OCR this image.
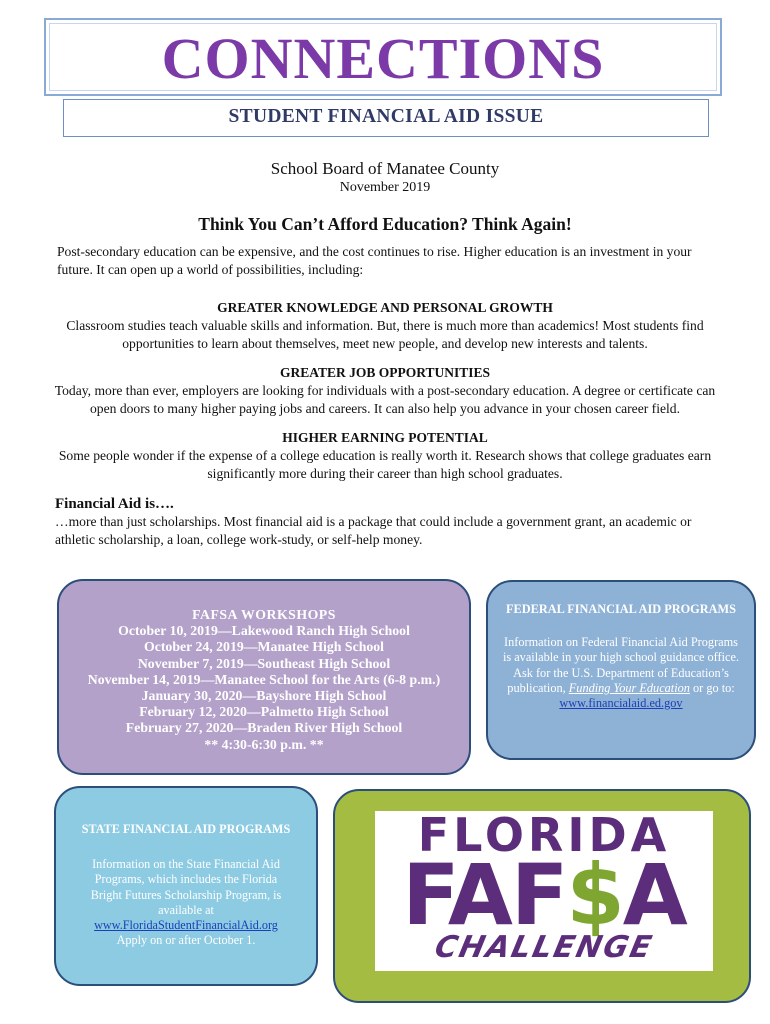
CONNECTIONS
STUDENT FINANCIAL AID ISSUE
School Board of Manatee County
November 2019
Think You Can’t Afford Education? Think Again!
Post-secondary education can be expensive, and the cost continues to rise. Higher education is an investment in your future. It can open up a world of possibilities, including:
GREATER KNOWLEDGE AND PERSONAL GROWTH
Classroom studies teach valuable skills and information. But, there is much more than academics! Most students find opportunities to learn about themselves, meet new people, and develop new interests and talents.
GREATER JOB OPPORTUNITIES
Today, more than ever, employers are looking for individuals with a post-secondary education. A degree or certificate can open doors to many higher paying jobs and careers. It can also help you advance in your chosen career field.
HIGHER EARNING POTENTIAL
Some people wonder if the expense of a college education is really worth it. Research shows that college graduates earn significantly more during their career than high school graduates.
Financial Aid is….
…more than just scholarships. Most financial aid is a package that could include a government grant, an academic or athletic scholarship, a loan, college work-study, or self-help money.
FAFSA WORKSHOPS
October 10, 2019—Lakewood Ranch High School
October 24, 2019—Manatee High School
November 7, 2019—Southeast High School
November 14, 2019—Manatee School for the Arts (6-8 p.m.)
January 30, 2020—Bayshore High School
February 12, 2020—Palmetto High School
February 27, 2020—Braden River High School
** 4:30-6:30 p.m. **
FEDERAL FINANCIAL AID PROGRAMS
Information on Federal Financial Aid Programs is available in your high school guidance office. Ask for the U.S. Department of Education’s publication, Funding Your Education or go to: www.financialaid.ed.gov
STATE FINANCIAL AID PROGRAMS
Information on the State Financial Aid Programs, which includes the Florida Bright Futures Scholarship Program, is available at
www.FloridaStudentFinancialAid.org
Apply on or after October 1.
FLORIDA
FAF$A
CHALLENGE
